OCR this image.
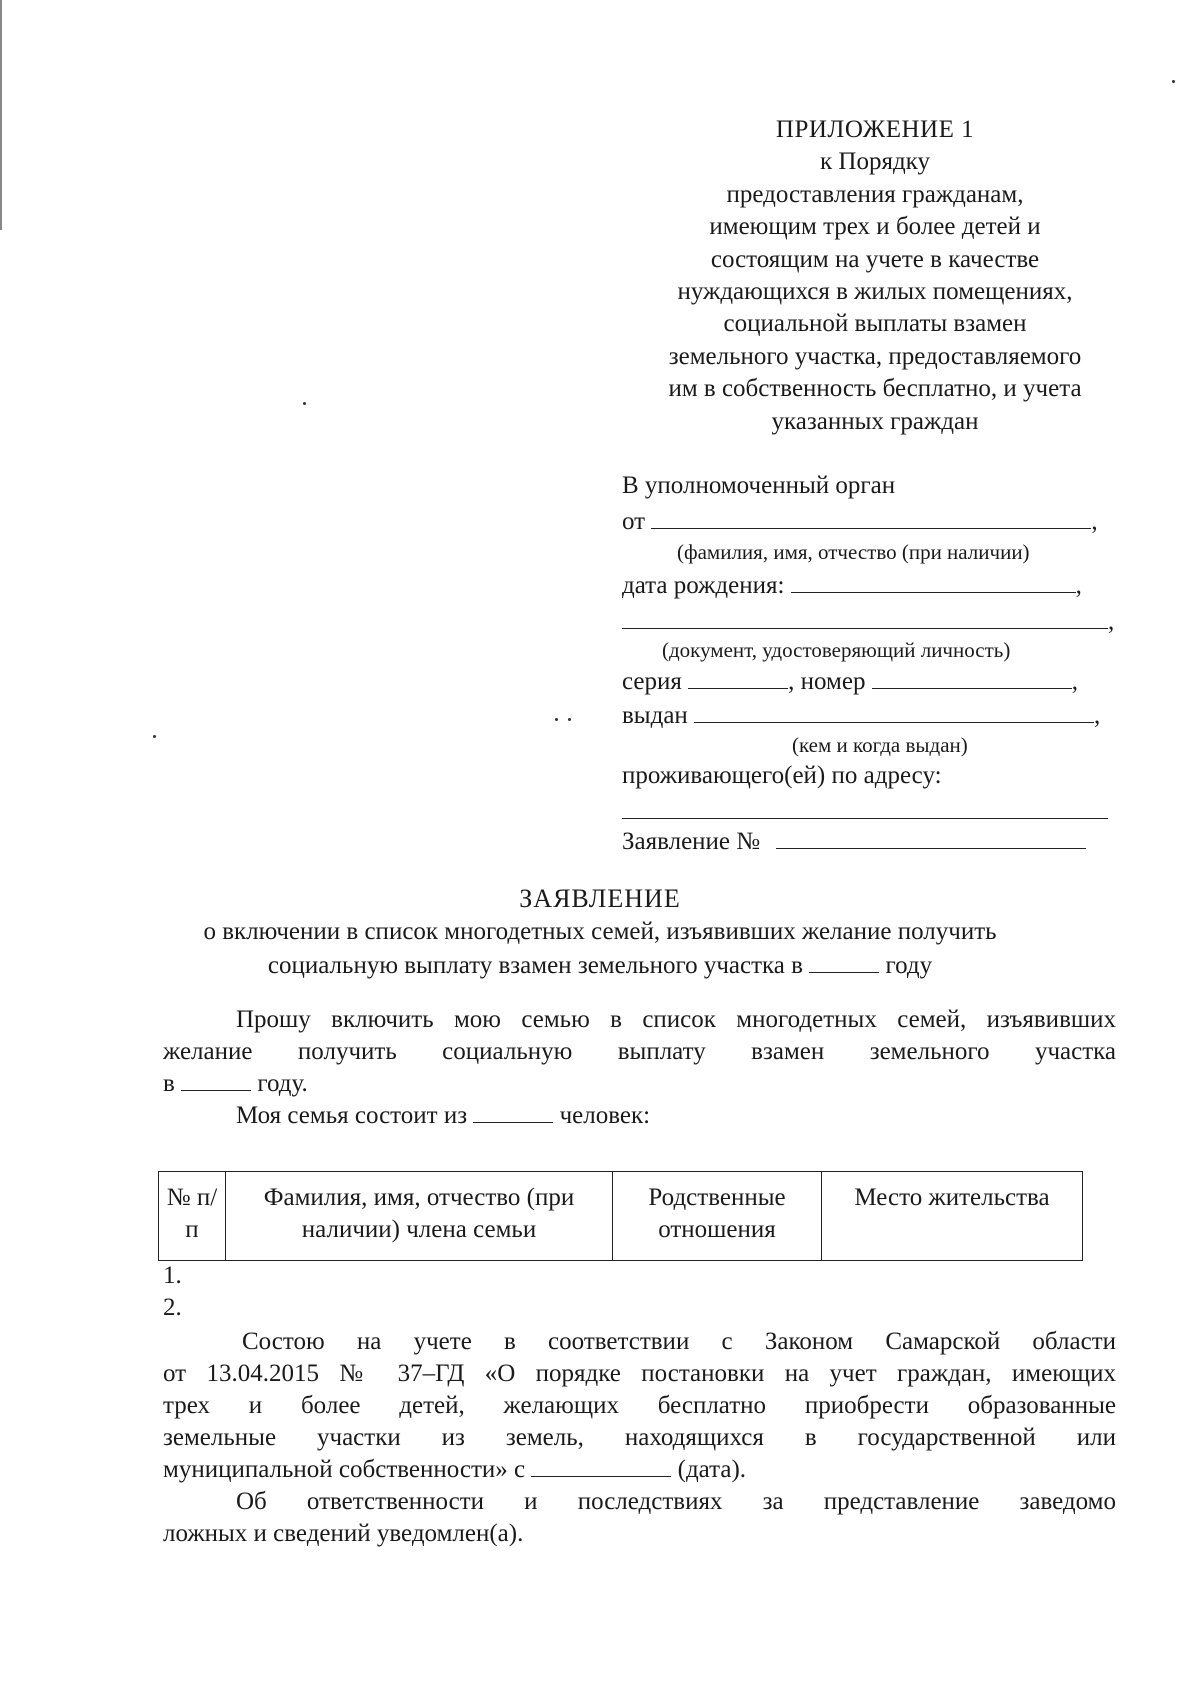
ПРИЛОЖЕНИЕ 1
к Порядку
предоставления гражданам,
имеющим трех и более детей и
состоящим на учете в качестве
нуждающихся в жилых помещениях,
социальной выплаты взамен
земельного участка, предоставляемого
им в собственность бесплатно, и учета
указанных граждан
В уполномоченный орган
от	,
(фамилия, имя, отчество (при наличии)
дата рождения:	,
,
(документ, удостоверяющий личность)
серия	, номер	,
выдан	,
(кем и когда выдан)
проживающего(ей) по адресу:
Заявление №
ЗАЯВЛЕНИЕ
о включении в список многодетных семей, изъявивших желание получить
социальную выплату взамен земельного участка в	году
Прошу включить мою семью в список многодетных семей, изъявивших
желание получить социальную выплату взамен земельного участка
в	году.
Моя семья состоит из	человек:
№ п/п	Фамилия, имя, отчество (при наличии) члена семьи	Родственные отношения	Место жительства
1.
2.
Состою на учете в соответствии с Законом Самарской области
от 13.04.2015 № 37–ГД «О порядке постановки на учет граждан, имеющих
трех и более детей, желающих бесплатно приобрести образованные
земельные участки из земель, находящихся в государственной или
муниципальной собственности» с	(дата).
Об ответственности и последствиях за представление заведомо
ложных и сведений уведомлен(а).
